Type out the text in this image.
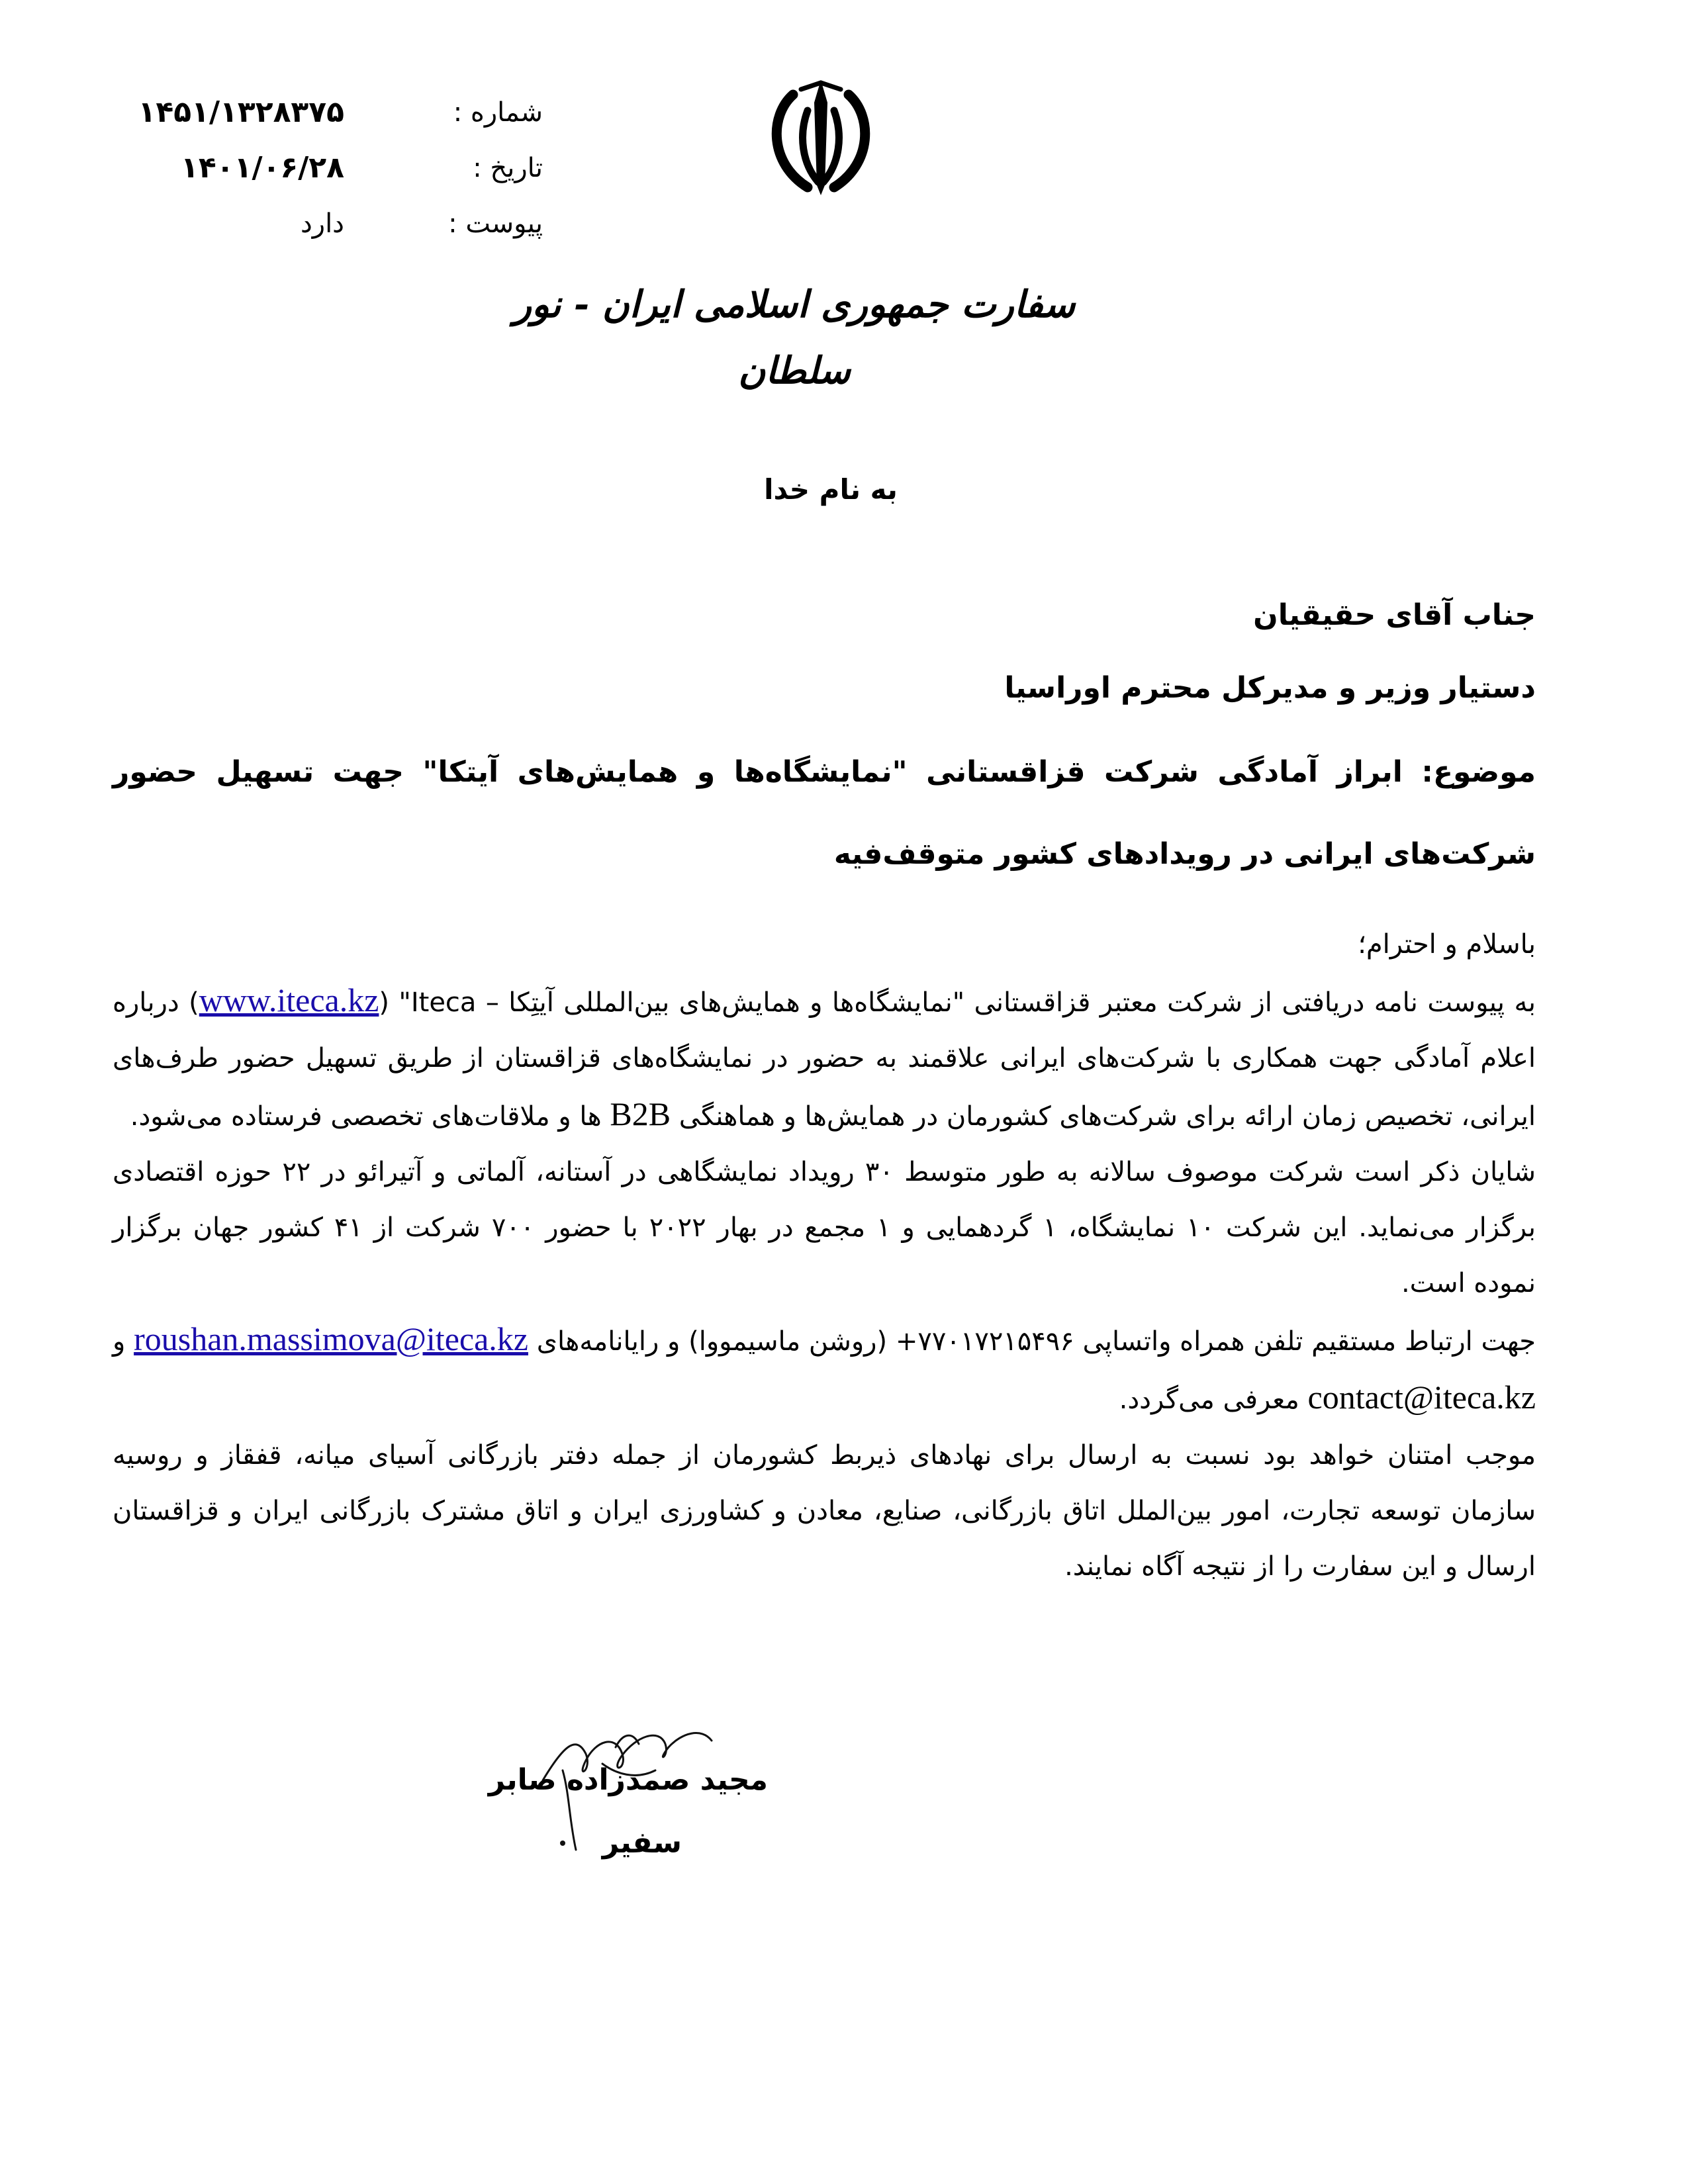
شماره :
۱۴۵۱/۱۳۲۸۳۷۵
تاریخ :
۱۴۰۱/۰۶/۲۸
پیوست :
دارد
سفارت جمهوری اسلامی ایران - نور سلطان
به نام خدا
جناب آقای حقیقیان
دستیار وزیر و مدیرکل محترم اوراسیا
موضوع: ابراز آمادگی شرکت قزاقستانی "نمایشگاه‌ها و همایش‌های آیتکا" جهت تسهیل حضور شرکت‌های ایرانی در رویدادهای کشور متوقف‌فیه

باسلام و احترام؛

به پیوست نامه دریافتی از شرکت معتبر قزاقستانی "نمایشگاه‌ها و همایش‌های بین‌المللی آیتِکا – Iteca" (www.iteca.kz) درباره اعلام آمادگی جهت همکاری با شرکت‌های ایرانی علاقمند به حضور در نمایشگاه‌های قزاقستان از طریق تسهیل حضور طرف‌های ایرانی، تخصیص زمان ارائه برای شرکت‌های کشورمان در همایش‌ها و هماهنگی B2B ها و ملاقات‌های تخصصی فرستاده می‌شود.

شایان ذکر است شرکت موصوف سالانه به طور متوسط ۳۰ رویداد نمایشگاهی در آستانه، آلماتی و آتیرائو در ۲۲ حوزه اقتصادی برگزار می‌نماید. این شرکت ۱۰ نمایشگاه، ۱ گردهمایی و ۱ مجمع در بهار ۲۰۲۲ با حضور ۷۰۰ شرکت از ۴۱ کشور جهان برگزار نموده است.

جهت ارتباط مستقیم تلفن همراه واتساپی ۷۷۰۱۷۲۱۵۴۹۶+ (روشن ماسیمووا) و رایانامه‌های roushan.massimova@iteca.kz و contact@iteca.kz معرفی می‌گردد.

موجب امتنان خواهد بود نسبت به ارسال برای نهادهای ذیربط کشورمان از جمله دفتر بازرگانی آسیای میانه، قفقاز و روسیه سازمان توسعه تجارت، امور بین‌الملل اتاق بازرگانی، صنایع، معادن و کشاورزی ایران و اتاق مشترک بازرگانی ایران و قزاقستان ارسال و این سفارت را از نتیجه آگاه نمایند.

مجید صمدزاده صابر
سفیر
